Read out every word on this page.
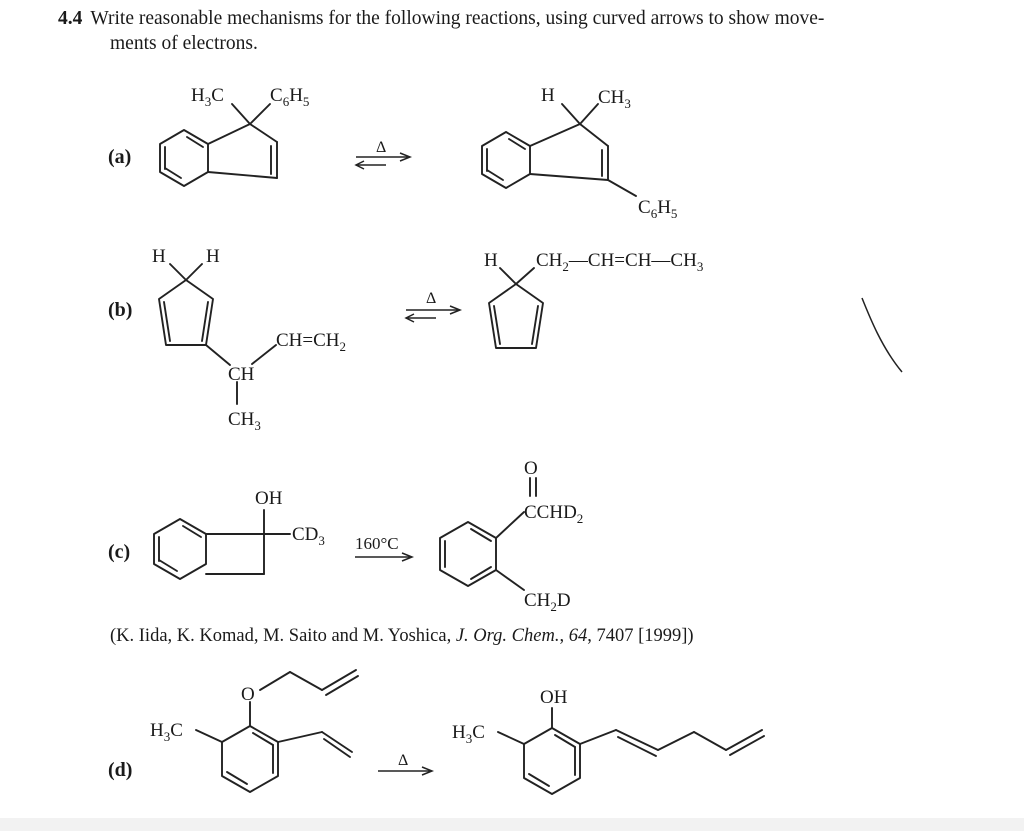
4.4 Write reasonable mechanisms for the following reactions, using curved arrows to show move-
ments of electrons.
(a)
(b)
(c)
(d)
$H_3C$ $C_6H_5$
Δ
H $CH_3$
$C_6H_5$
H H
$CH=CH_2$
CH
$CH_3$
Δ
H $CH_2—CH=CH—CH_3$
OH
$CD_3$ 160°C
O
$CCHD_2$
$CH_2D$
O
$H_3C$
Δ
OH
$H_3C$
(K. Iida, K. Komad, M. Saito and M. Yoshica, J. Org. Chem., 64, 7407 [1999])
